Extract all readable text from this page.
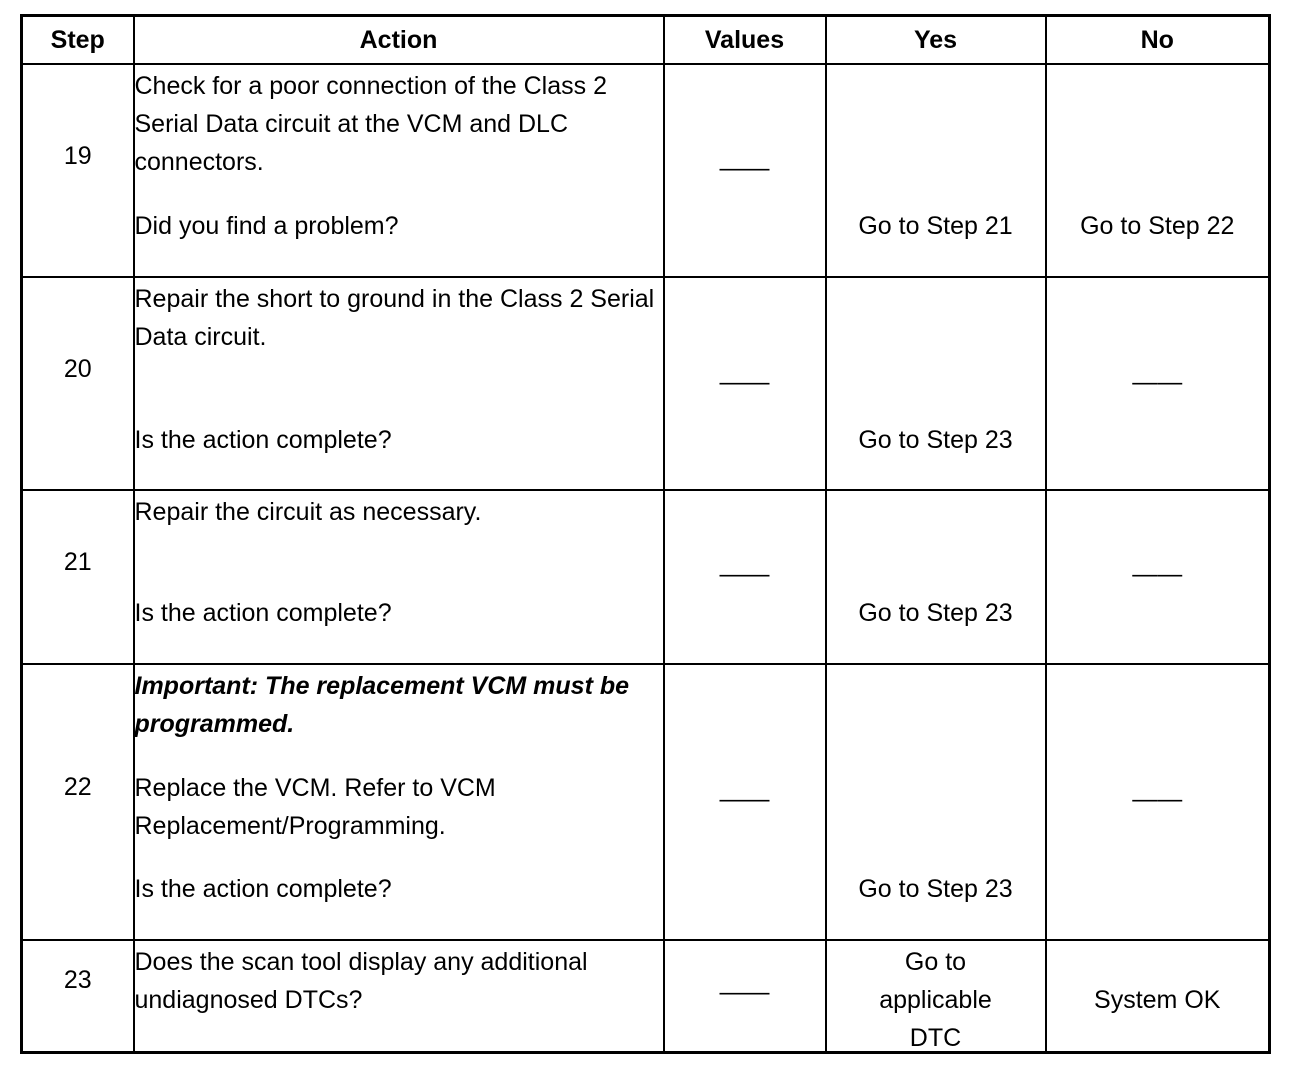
Step	Action	Values	Yes	No

19	Check for a poor connection of the Class 2 Serial Data circuit at the VCM and DLC connectors.

Did you find a problem?	——	Go to Step 21	Go to Step 22

20	Repair the short to ground in the Class 2 Serial Data circuit.

Is the action complete?	——	Go to Step 23	——

21	Repair the circuit as necessary.

Is the action complete?	——	Go to Step 23	——

22	Important: The replacement VCM must be programmed.

Replace the VCM. Refer to VCM Replacement/Programming.
Is the action complete?	——	Go to Step 23	——

23	Does the scan tool display any additional undiagnosed DTCs?	——	Go to applicable DTC	System OK
